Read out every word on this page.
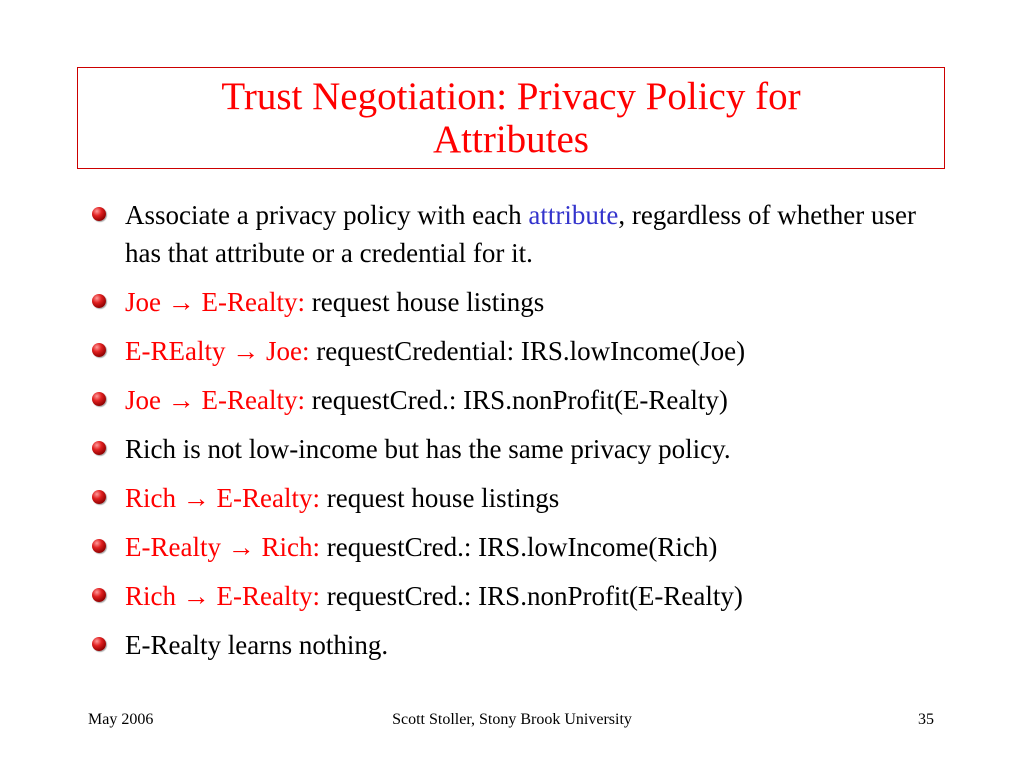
Trust Negotiation: Privacy Policy for Attributes
Associate a privacy policy with each attribute, regardless of whether user has that attribute or a credential for it.
Joe → E-Realty: request house listings
E-REalty → Joe: requestCredential: IRS.lowIncome(Joe)
Joe → E-Realty: requestCred.: IRS.nonProfit(E-Realty)
Rich is not low-income but has the same privacy policy.
Rich → E-Realty: request house listings
E-Realty → Rich: requestCred.: IRS.lowIncome(Rich)
Rich → E-Realty: requestCred.: IRS.nonProfit(E-Realty)
E-Realty learns nothing.
May 2006	Scott Stoller, Stony Brook University	35
